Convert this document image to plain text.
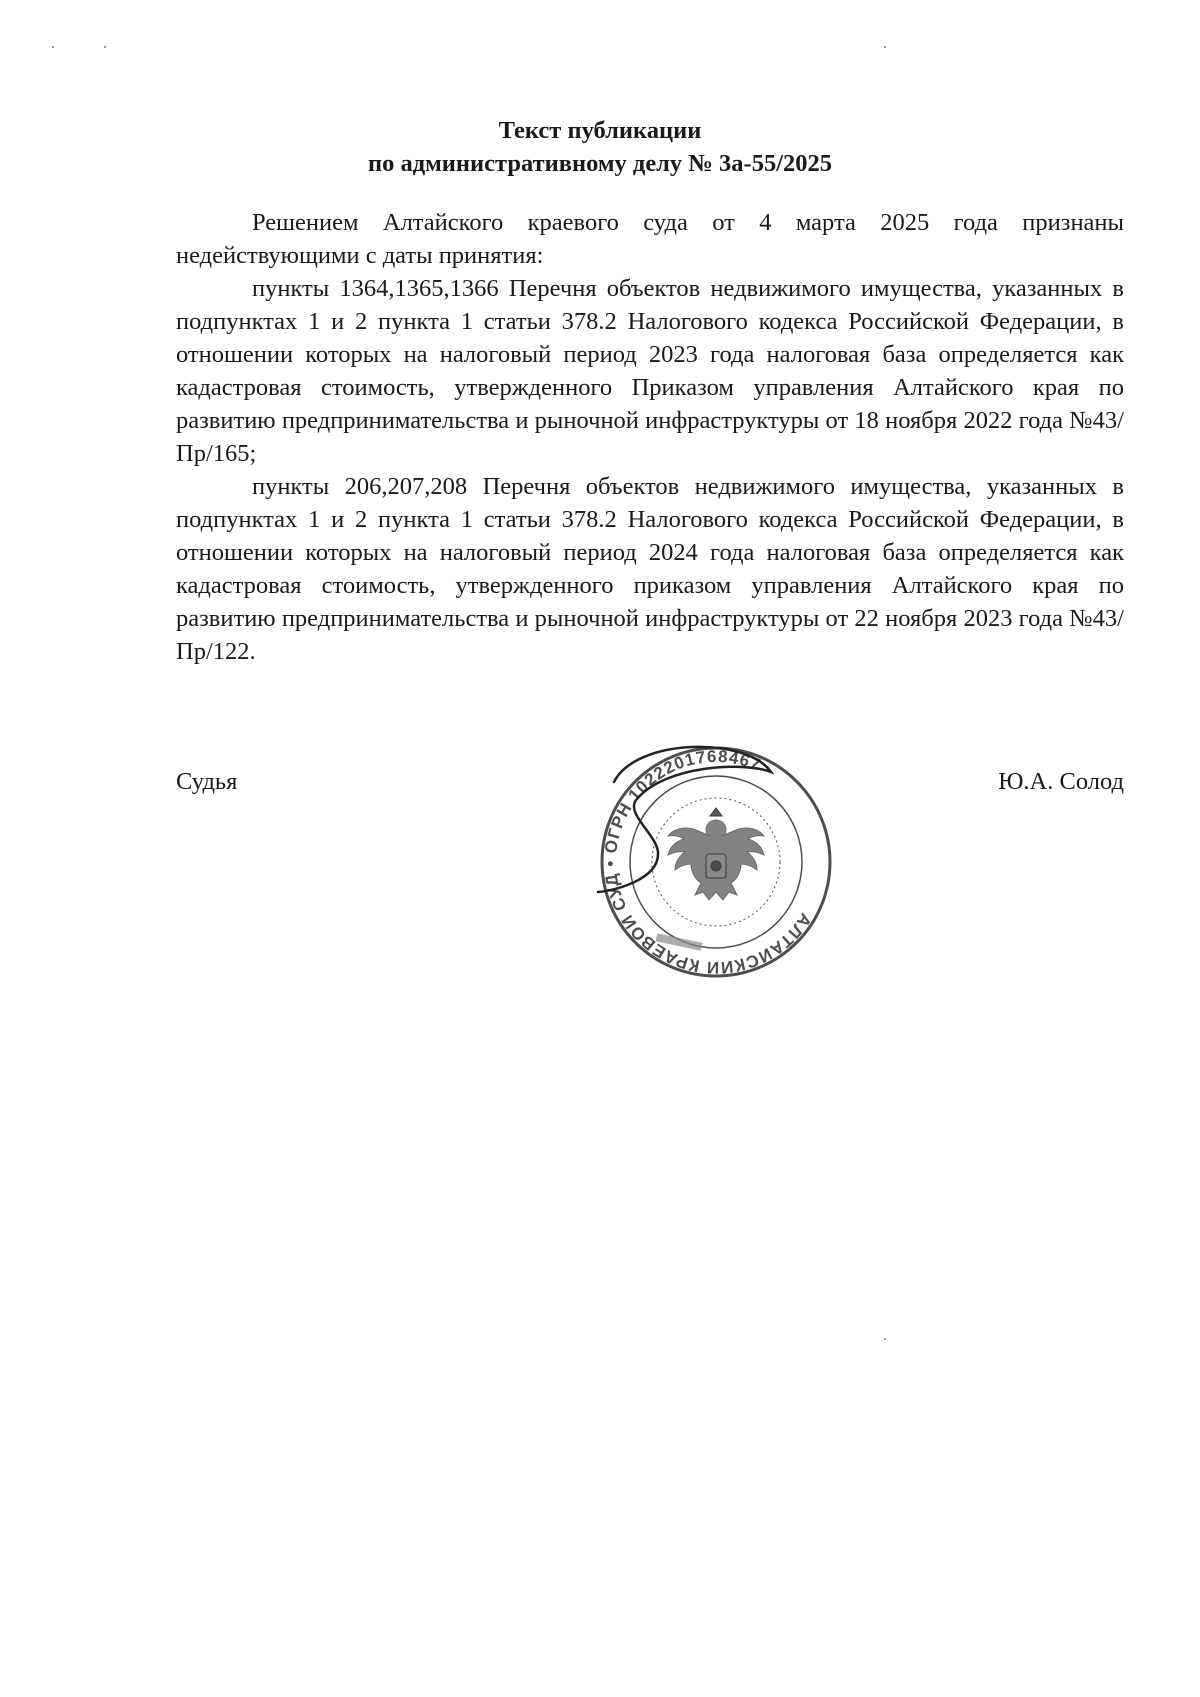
Текст публикации
по административному делу № 3а-55/2025

Решением Алтайского краевого суда от 4 марта 2025 года признаны недействующими с даты принятия:

пункты 1364,1365,1366 Перечня объектов недвижимого имущества, указанных в подпунктах 1 и 2 пункта 1 статьи 378.2 Налогового кодекса Российской Федерации, в отношении которых на налоговый период 2023 года налоговая база определяется как кадастровая стоимость, утвержденного Приказом управления Алтайского края по развитию предпринимательства и рыночной инфраструктуры от 18 ноября 2022 года №43/Пр/165;

пункты 206,207,208 Перечня объектов недвижимого имущества, указанных в подпунктах 1 и 2 пункта 1 статьи 378.2 Налогового кодекса Российской Федерации, в отношении которых на налоговый период 2024 года налоговая база определяется как кадастровая стоимость, утвержденного приказом управления Алтайского края по развитию предпринимательства и рыночной инфраструктуры от 22 ноября 2023 года №43/Пр/122.

Судья	Ю.А. Солод
АЛТАЙСКИЙ КРАЕВОЙ СУД • ОГРН 1022201768467
